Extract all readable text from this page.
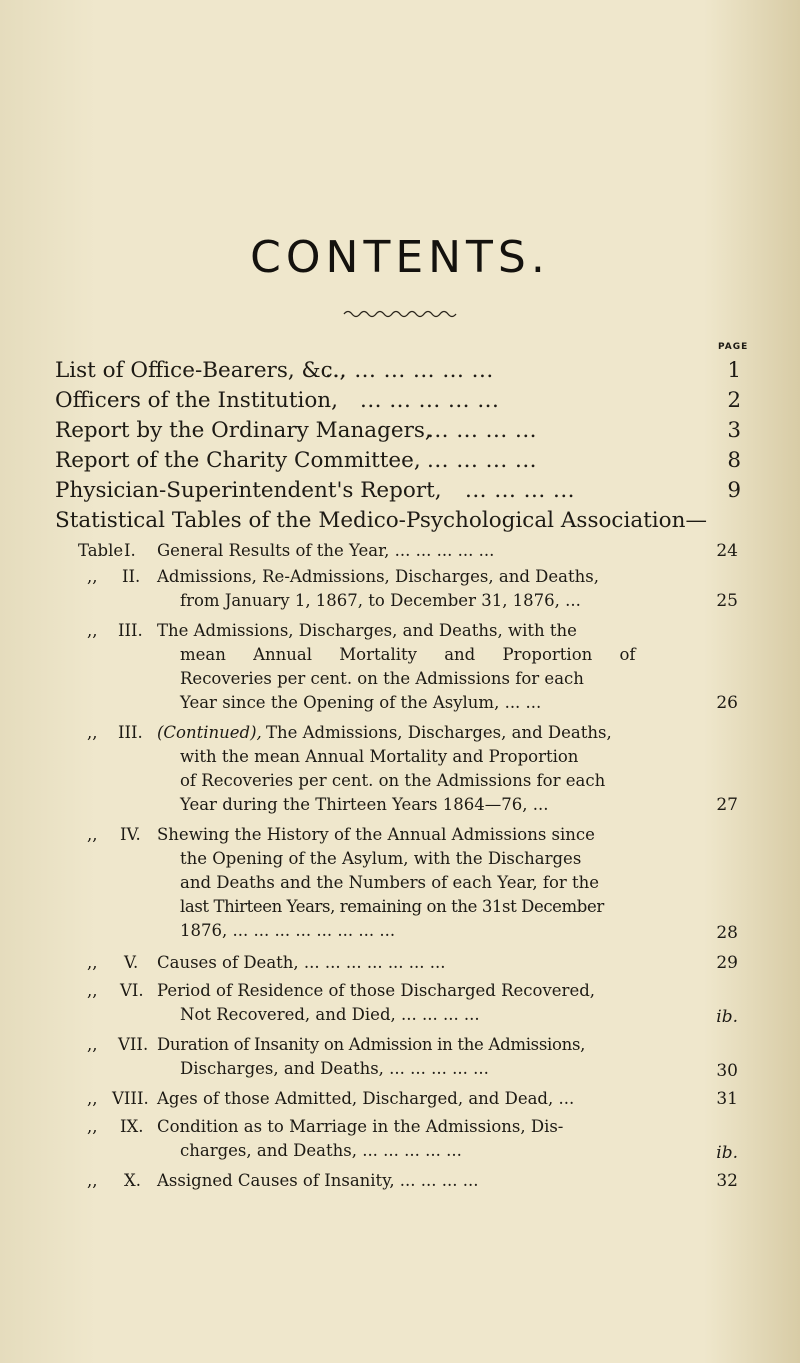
CONTENTS.
PAGE
List of Office-Bearers, &c.,
... ... ... ... ... ...	1
Officers of the Institution, ... ... ... ... ...	2
Report by the Ordinary Managers,
... ... ... ...	3
Report of the Charity Committee, ... ... ... ...	8
Physician-Superintendent's Report, ... ... ... ...	9
Statistical Tables of the Medico-Psychological Association—
Table I. General Results of the Year, ... ... ... ... ...	24
,, II. Admissions, Re-Admissions, Discharges, and Deaths,
from January 1, 1867, to December 31, 1876, ...	25
,, III. The Admissions, Discharges, and Deaths, with the
mean Annual Mortality and Proportion of
Recoveries per cent. on the Admissions for each
Year since the Opening of the Asylum, ... ...	26
,, III. (Continued), The Admissions, Discharges, and Deaths,
with the mean Annual Mortality and Proportion
of Recoveries per cent. on the Admissions for each
Year during the Thirteen Years 1864—76, ...	27
,, IV. Shewing the History of the Annual Admissions since
the Opening of the Asylum, with the Discharges
and Deaths and the Numbers of each Year, for the
last Thirteen Years, remaining on the 31st December
1876, ... ... ... ... ... ... ... ...	28
,, V. Causes of Death, ... ... ... ... ... ... ...	29
,, VI. Period of Residence of those Discharged Recovered,
Not Recovered, and Died, ... ... ... ...	ib.
,, VII. Duration of Insanity on Admission in the Admissions,
Discharges, and Deaths, ... ... ... ... ...	30
,, VIII. Ages of those Admitted, Discharged, and Dead, ...	31
,, IX. Condition as to Marriage in the Admissions, Dis-
charges, and Deaths, ... ... ... ... ...	ib.
,, X. Assigned Causes of Insanity, ... ... ... ...	32
